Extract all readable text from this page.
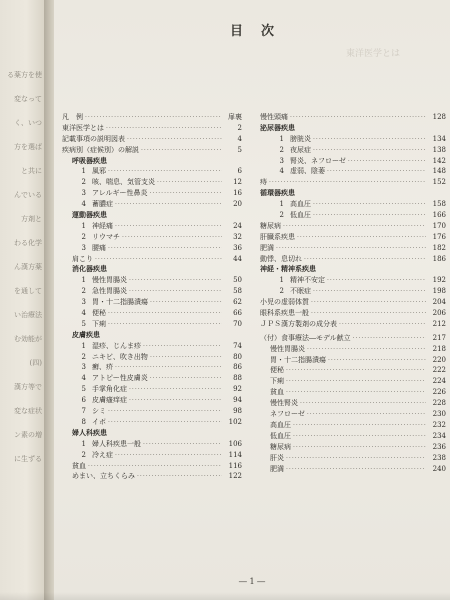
る薬方を使
変なって
く、いつ
方を選ば
と共に
んでいる
方剤と
わる化学
ん漢方薬
を通して
い治療法
む効能が
(四)
漢方等で
変な症状
ン素の増
に生ずる
目次
東洋医学とは
凡　例 ·····	扉裏
東洋医学とは ·····	2
記載事項の説明図表 ·····	4
疾病別（症候別）の解説 ·····	5
呼吸器疾患
1 風邪 ·····	6
2 咳、喘息、気管支炎 ·····	12
3 アレルギー性鼻炎 ·····	16
4 蓄膿症 ·····	20
運動器疾患
1 神経痛 ·····	24
2 リウマチ ·····	32
3 腰痛 ·····	36
肩こり ·····	44
消化器疾患
1 慢性胃腸炎 ·····	50
2 急性胃腸炎 ·····	58
3 胃・十二指腸潰瘍 ·····	62
4 便秘 ·····	66
5 下痢 ·····	70
皮膚疾患
1 湿疹、じんま疹 ·····	74
2 ニキビ、吹き出物 ·····	80
3 癬、疥 ·····	86
4 アトピー性皮膚炎 ·····	88
5 手掌角化症 ·····	92
6 皮膚瘙痒症 ·····	94
7 シミ ·····	98
8 イボ ·····	102
婦人科疾患
1 婦人科疾患一般 ·····	106
2 冷え症 ·····	114
貧血 ·····	116
めまい、立ちくらみ ·····	122
慢性頭痛 ·····	128
泌尿器疾患
1 膀胱炎 ·····	134
2 夜尿症 ·····	138
3 腎炎、ネフローゼ ·····	142
4 虚弱、陰萎 ·····	148
痔 ·····	152
循環器疾患
1 高血圧 ·····	158
2 低血圧 ·····	166
糖尿病 ·····	170
肝臓系疾患 ·····	176
肥満 ·····	182
動悸、息切れ ·····	186
神経・精神系疾患
1 精神不安定 ·····	192
2 不眠症 ·····	198
小児の虚弱体質 ·····	204
眼科系疾患一般 ·····	206
ＪＰＳ漢方製剤の成分表 ·····	212
（付）食事療法―モデル献立 ·····	217
慢性胃腸炎 ·····	218
胃・十二指腸潰瘍 ·····	220
便秘 ·····	222
下痢 ·····	224
貧血 ·····	226
慢性腎炎 ·····	228
ネフローゼ ·····	230
高血圧 ·····	232
低血圧 ·····	234
糖尿病 ·····	236
肝炎 ·····	238
肥満 ·····	240
― 1 ―
